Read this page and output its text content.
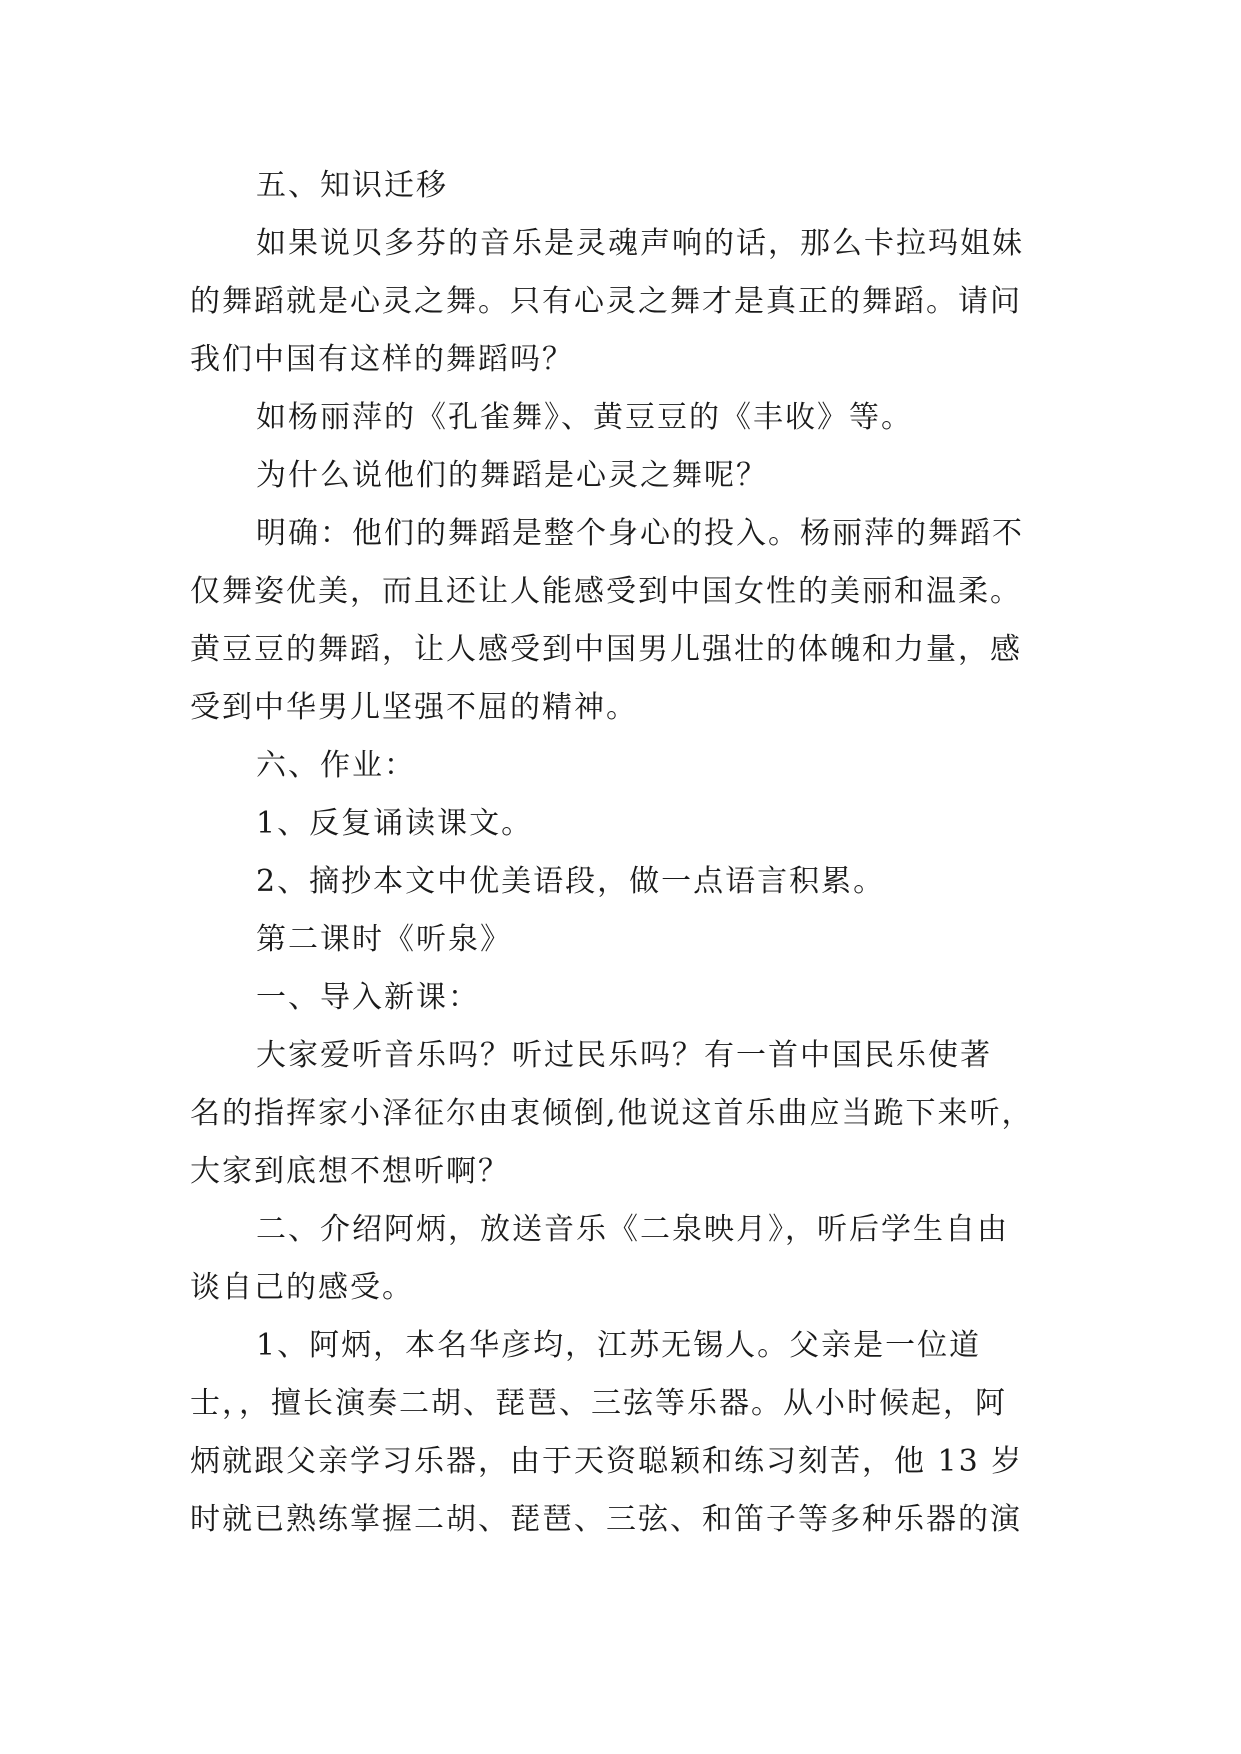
五、知识迁移
如果说贝多芬的音乐是灵魂声响的话，那么卡拉玛姐妹
的舞蹈就是心灵之舞。只有心灵之舞才是真正的舞蹈。请问
我们中国有这样的舞蹈吗？
如杨丽萍的《孔雀舞》、黄豆豆的《丰收》等。
为什么说他们的舞蹈是心灵之舞呢？
明确：他们的舞蹈是整个身心的投入。杨丽萍的舞蹈不
仅舞姿优美，而且还让人能感受到中国女性的美丽和温柔。
黄豆豆的舞蹈，让人感受到中国男儿强壮的体魄和力量，感
受到中华男儿坚强不屈的精神。
六、作业：
1、反复诵读课文。
2、摘抄本文中优美语段，做一点语言积累。
第二课时《听泉》
一、导入新课：
大家爱听音乐吗？听过民乐吗？有一首中国民乐使著
名的指挥家小泽征尔由衷倾倒,他说这首乐曲应当跪下来听，
大家到底想不想听啊？
二、介绍阿炳，放送音乐《二泉映月》，听后学生自由
谈自己的感受。
1、阿炳，本名华彦均，江苏无锡人。父亲是一位道
士，，擅长演奏二胡、琵琶、三弦等乐器。从小时候起，阿
炳就跟父亲学习乐器，由于天资聪颖和练习刻苦，他 13 岁
时就已熟练掌握二胡、琵琶、三弦、和笛子等多种乐器的演
